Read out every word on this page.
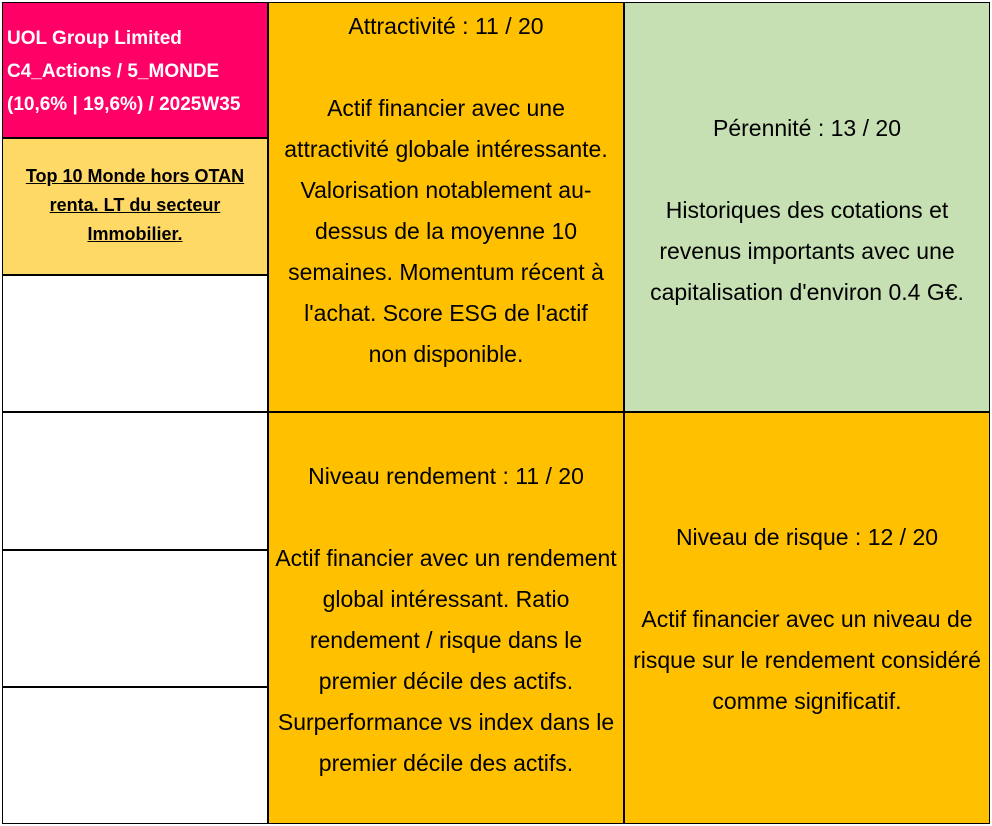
UOL Group Limited
C4_Actions / 5_MONDE
(10,6% | 19,6%) / 2025W35
Top 10 Monde hors OTAN renta. LT du secteur Immobilier.
Attractivité : 11 / 20
Actif financier avec une attractivité globale intéressante. Valorisation notablement au-dessus de la moyenne 10 semaines. Momentum récent à l'achat. Score ESG de l'actif non disponible.
Pérennité : 13 / 20
Historiques des cotations et revenus importants avec une capitalisation d'environ 0.4 G€.
Niveau rendement : 11 / 20
Actif financier avec un rendement global intéressant. Ratio rendement / risque dans le premier décile des actifs. Surperformance vs index dans le premier décile des actifs.
Niveau de risque : 12 / 20
Actif financier avec un niveau de risque sur le rendement considéré comme significatif.
